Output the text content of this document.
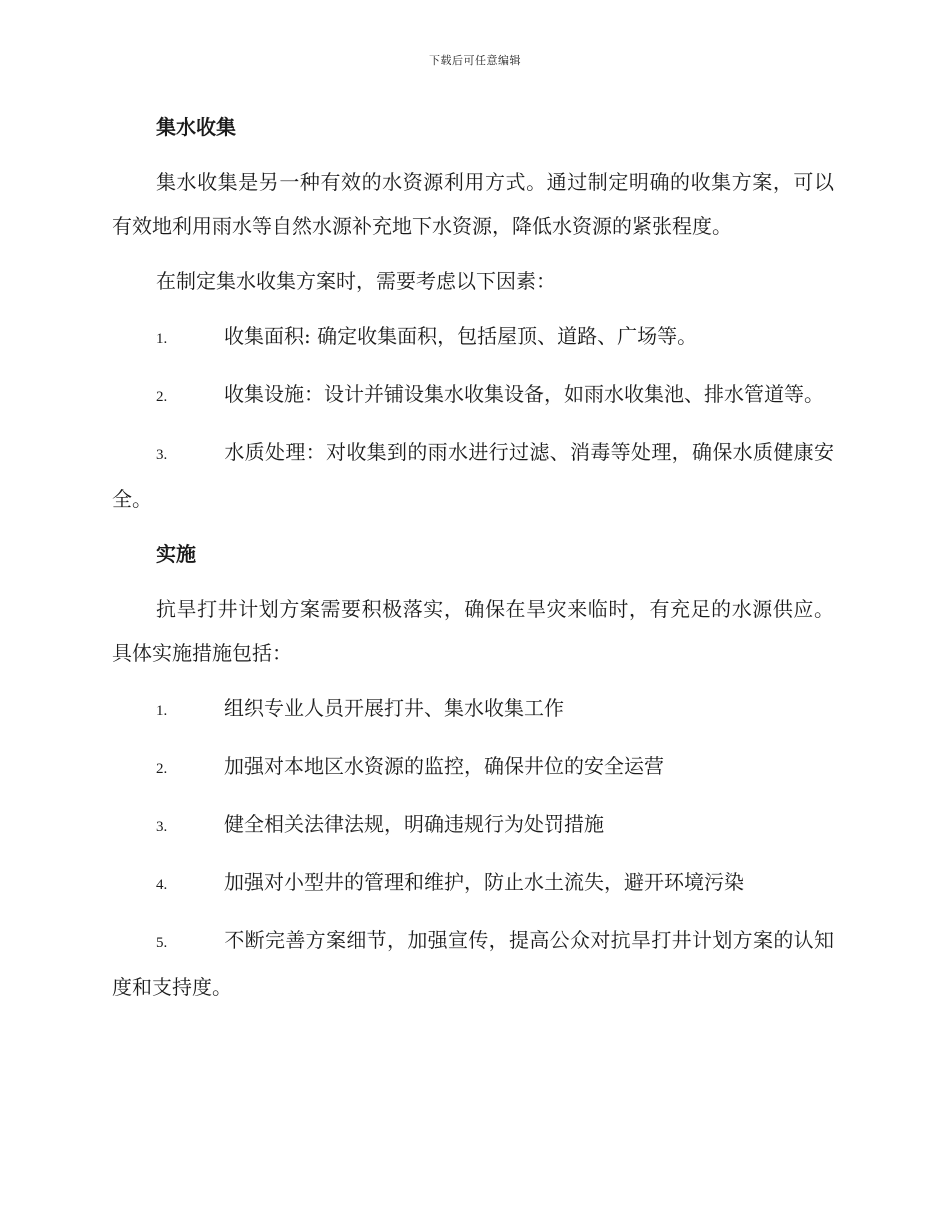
下载后可任意编辑
集水收集

集水收集是另一种有效的水资源利用方式。通过制定明确的收集方案，可以有效地利用雨水等自然水源补充地下水资源，降低水资源的紧张程度。

在制定集水收集方案时，需要考虑以下因素：

1.	收集面积: 确定收集面积，包括屋顶、道路、广场等。
2.	收集设施：设计并铺设集水收集设备，如雨水收集池、排水管道等。
3.	水质处理：对收集到的雨水进行过滤、消毒等处理，确保水质健康安全。
实施

抗旱打井计划方案需要积极落实，确保在旱灾来临时，有充足的水源供应。具体实施措施包括：

1.	组织专业人员开展打井、集水收集工作
2.	加强对本地区水资源的监控，确保井位的安全运营
3.	健全相关法律法规，明确违规行为处罚措施
4.	加强对小型井的管理和维护，防止水土流失，避开环境污染
5.	不断完善方案细节，加强宣传，提高公众对抗旱打井计划方案的认知度和支持度。
